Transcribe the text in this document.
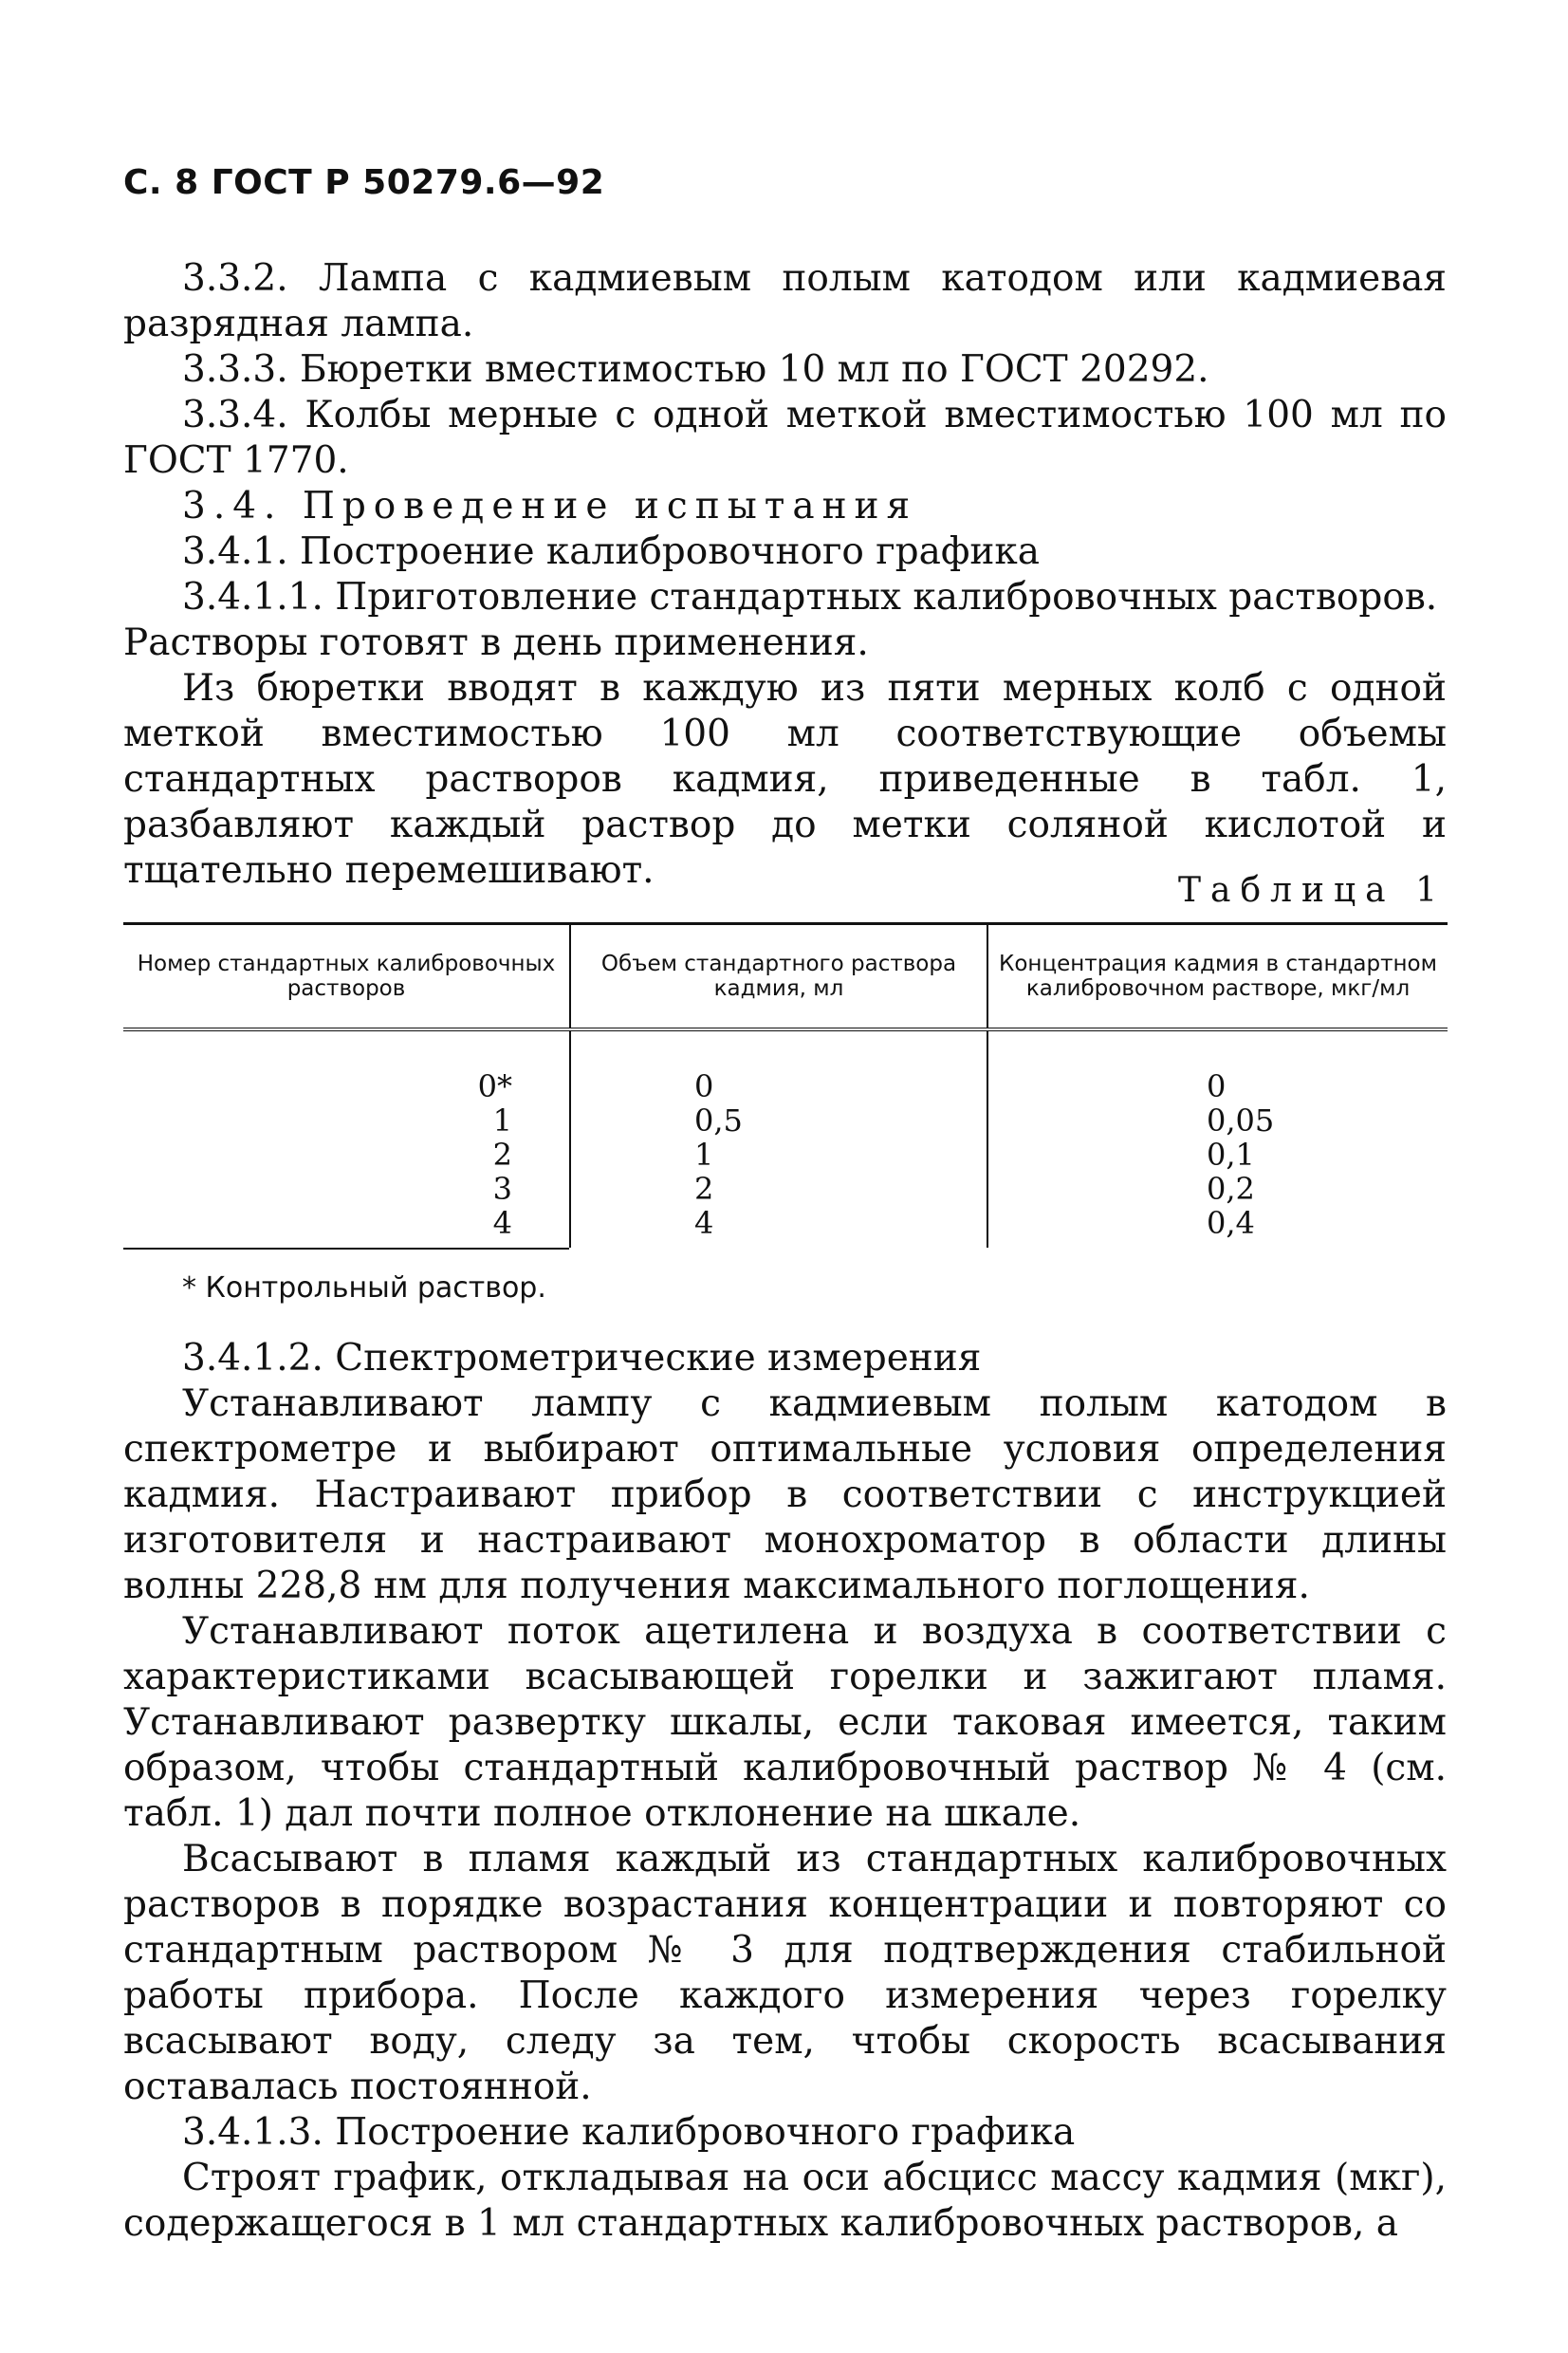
С. 8 ГОСТ Р 50279.6—92

3.3.2. Лампа с кадмиевым полым катодом или кадмиевая разрядная лампа.

3.3.3. Бюретки вместимостью 10 мл по ГОСТ 20292.

3.3.4. Колбы мерные с одной меткой вместимостью 100 мл по ГОСТ 1770.

3.4. Проведение испытания

3.4.1. Построение калибровочного графика

3.4.1.1. Приготовление стандартных калибровочных растворов.

Растворы готовят в день применения.

Из бюретки вводят в каждую из пяти мерных колб с одной меткой вместимостью 100 мл соответствующие объемы стандартных растворов кадмия, приведенные в табл. 1, разбавляют каждый раствор до метки соляной кислотой и тщательно перемешивают.	Таблица 1
Номер стандартных калибровочных растворов
Объем стандартного раствора кадмия, мл
Концентрация кадмия в стандартном калибровочном растворе, мкг/мл
0*
1
2
3
4
0
0,5
1
2
4
0
0,05
0,1
0,2
0,4
* Контрольный раствор.

3.4.1.2. Спектрометрические измерения

Устанавливают лампу с кадмиевым полым катодом в спектрометре и выбирают оптимальные условия определения кадмия. Настраивают прибор в соответствии с инструкцией изготовителя и настраивают монохроматор в области длины волны 228,8 нм для получения максимального поглощения.

Устанавливают поток ацетилена и воздуха в соответствии с характеристиками всасывающей горелки и зажигают пламя. Устанавливают развертку шкалы, если таковая имеется, таким образом, чтобы стандартный калибровочный раствор № 4 (см. табл. 1) дал почти полное отклонение на шкале.

Всасывают в пламя каждый из стандартных калибровочных растворов в порядке возрастания концентрации и повторяют со стандартным раствором № 3 для подтверждения стабильной работы прибора. После каждого измерения через горелку всасывают воду, следу за тем, чтобы скорость всасывания оставалась постоянной.

3.4.1.3. Построение калибровочного графика

Строят график, откладывая на оси абсцисс массу кадмия (мкг), содержащегося в 1 мл стандартных калибровочных растворов, а
